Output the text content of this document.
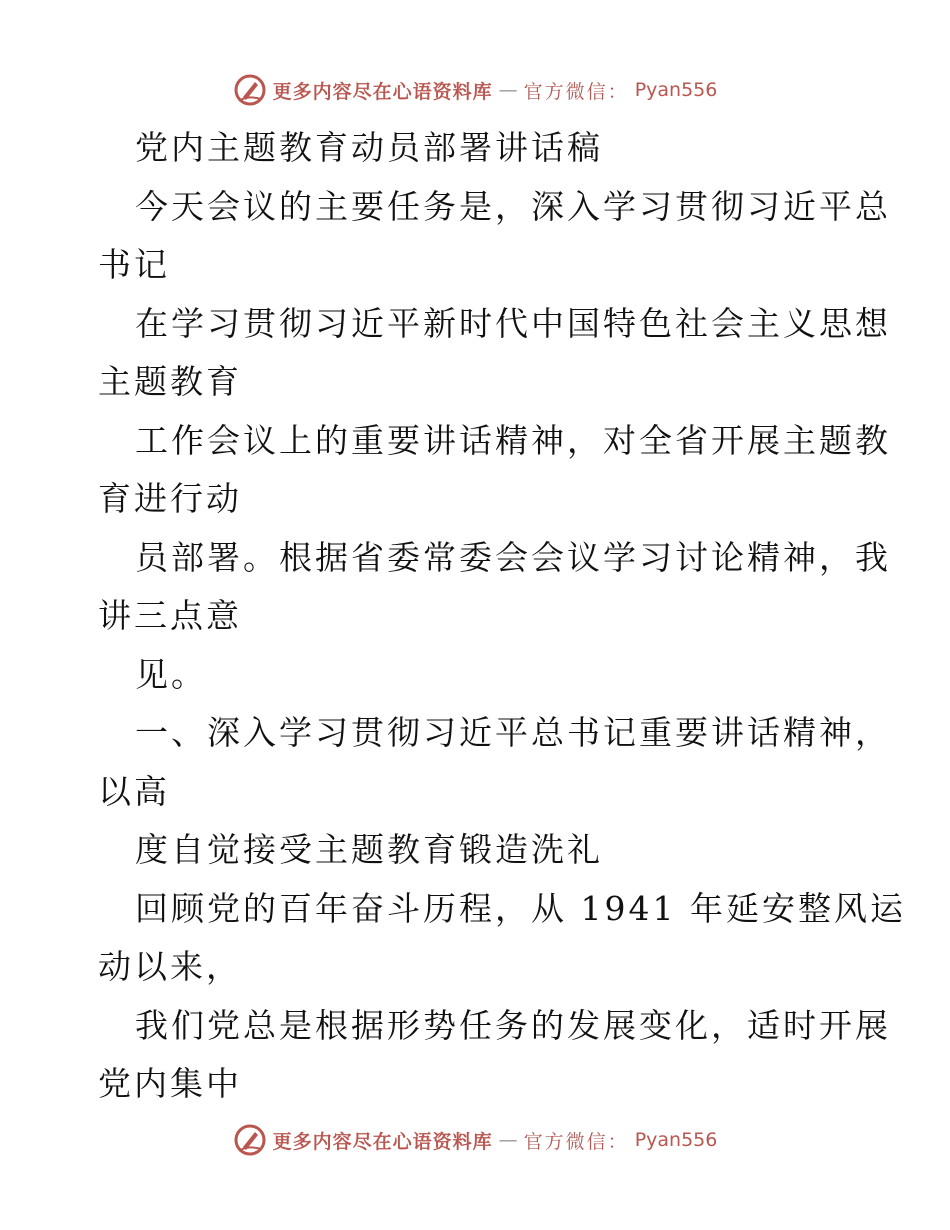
更多内容尽在心语资料库 — 官方微信： Pyan556
党内主题教育动员部署讲话稿
今天会议的主要任务是，深入学习贯彻习近平总
书记
在学习贯彻习近平新时代中国特色社会主义思想
主题教育
工作会议上的重要讲话精神，对全省开展主题教
育进行动
员部署。根据省委常委会会议学习讨论精神，我
讲三点意
见。
一、深入学习贯彻习近平总书记重要讲话精神，
以高
度自觉接受主题教育锻造洗礼
回顾党的百年奋斗历程，从 1941 年延安整风运
动以来，
我们党总是根据形势任务的发展变化，适时开展
党内集中
更多内容尽在心语资料库 — 官方微信： Pyan556
